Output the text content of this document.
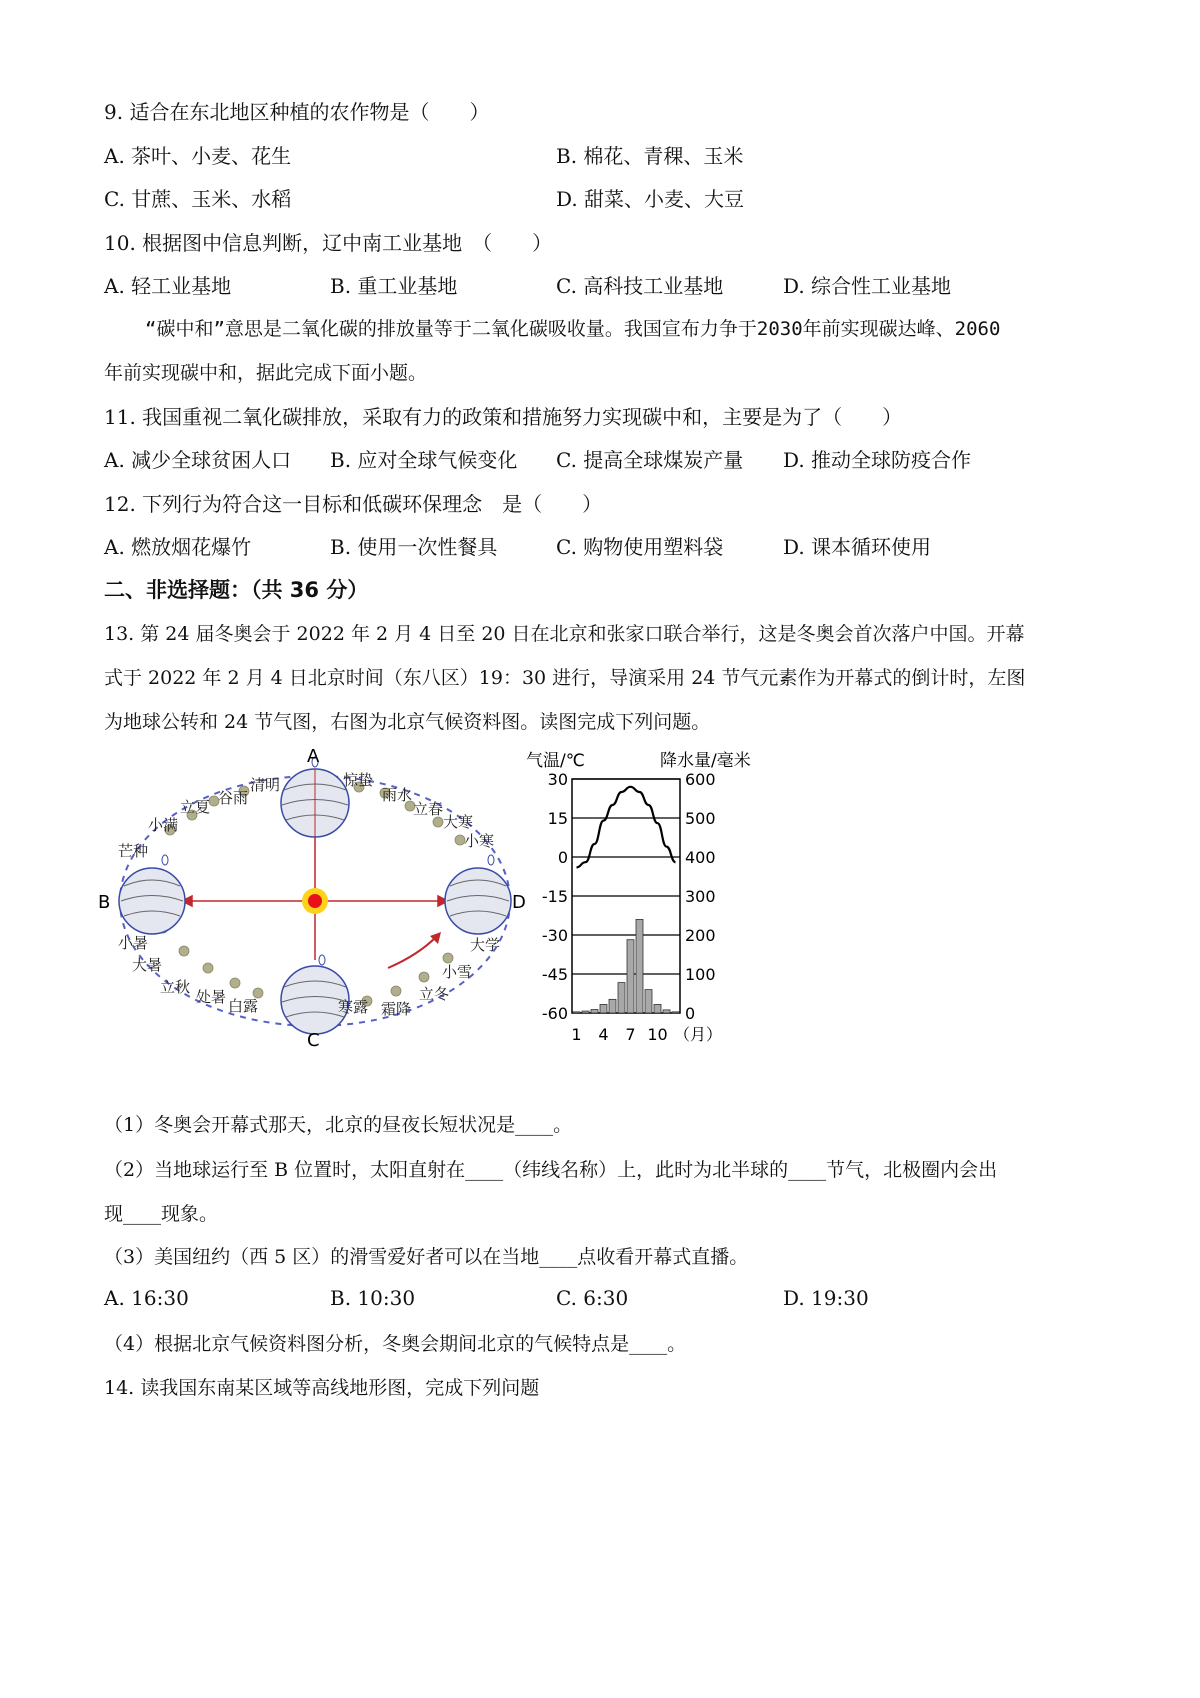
9. 适合在东北地区种植的农作物是（　　）
A. 茶叶、小麦、花生	B. 棉花、青稞、玉米
C. 甘蔗、玉米、水稻	D. 甜菜、小麦、大豆
10. 根据图中信息判断，辽中南工业基地　（　　）
A. 轻工业基地	B. 重工业基地	C. 高科技工业基地	D. 综合性工业基地
“碳中和”意思是二氧化碳的排放量等于二氧化碳吸收量。我国宣布力争于2030年前实现碳达峰、2060
年前实现碳中和，据此完成下面小题。
11. 我国重视二氧化碳排放，采取有力的政策和措施努力实现碳中和，主要是为了（　　）
A. 减少全球贫困人口 B. 应对全球气候变化 C. 提高全球煤炭产量 D. 推动全球防疫合作
12. 下列行为符合这一目标和低碳环保理念　是（　　）
A. 燃放烟花爆竹	B. 使用一次性餐具	C. 购物使用塑料袋	D. 课本循环使用
二、非选择题：（共 36 分）
13. 第 24 届冬奥会于 2022 年 2 月 4 日至 20 日在北京和张家口联合举行，这是冬奥会首次落户中国。开幕
式于 2022 年 2 月 4 日北京时间（东八区）19：30 进行，导演采用 24 节气元素作为开幕式的倒计时，左图
为地球公转和 24 节气图，右图为北京气候资料图。读图完成下列问题。
A
B
C
D
清明
谷雨
立夏
小满
芒种
惊蛰
雨水
立春
大寒
小寒
小暑
大暑
立秋
处暑 白露	寒露 霜降
立冬
小雪
大学
气温/℃	降水量/毫米
30
15
0
-15
-30
-45
-60
600
500
400
300
200
100
0
1 4 7 10 （月）
（1）冬奥会开幕式那天，北京的昼夜长短状况是____。
（2）当地球运行至 B 位置时，太阳直射在____（纬线名称）上，此时为北半球的____节气，北极圈内会出
现____现象。
（3）美国纽约（西 5 区）的滑雪爱好者可以在当地____点收看开幕式直播。
A. 16:30	B. 10:30	C. 6:30	D. 19:30
（4）根据北京气候资料图分析，冬奥会期间北京的气候特点是____。
14. 读我国东南某区域等高线地形图，完成下列问题
